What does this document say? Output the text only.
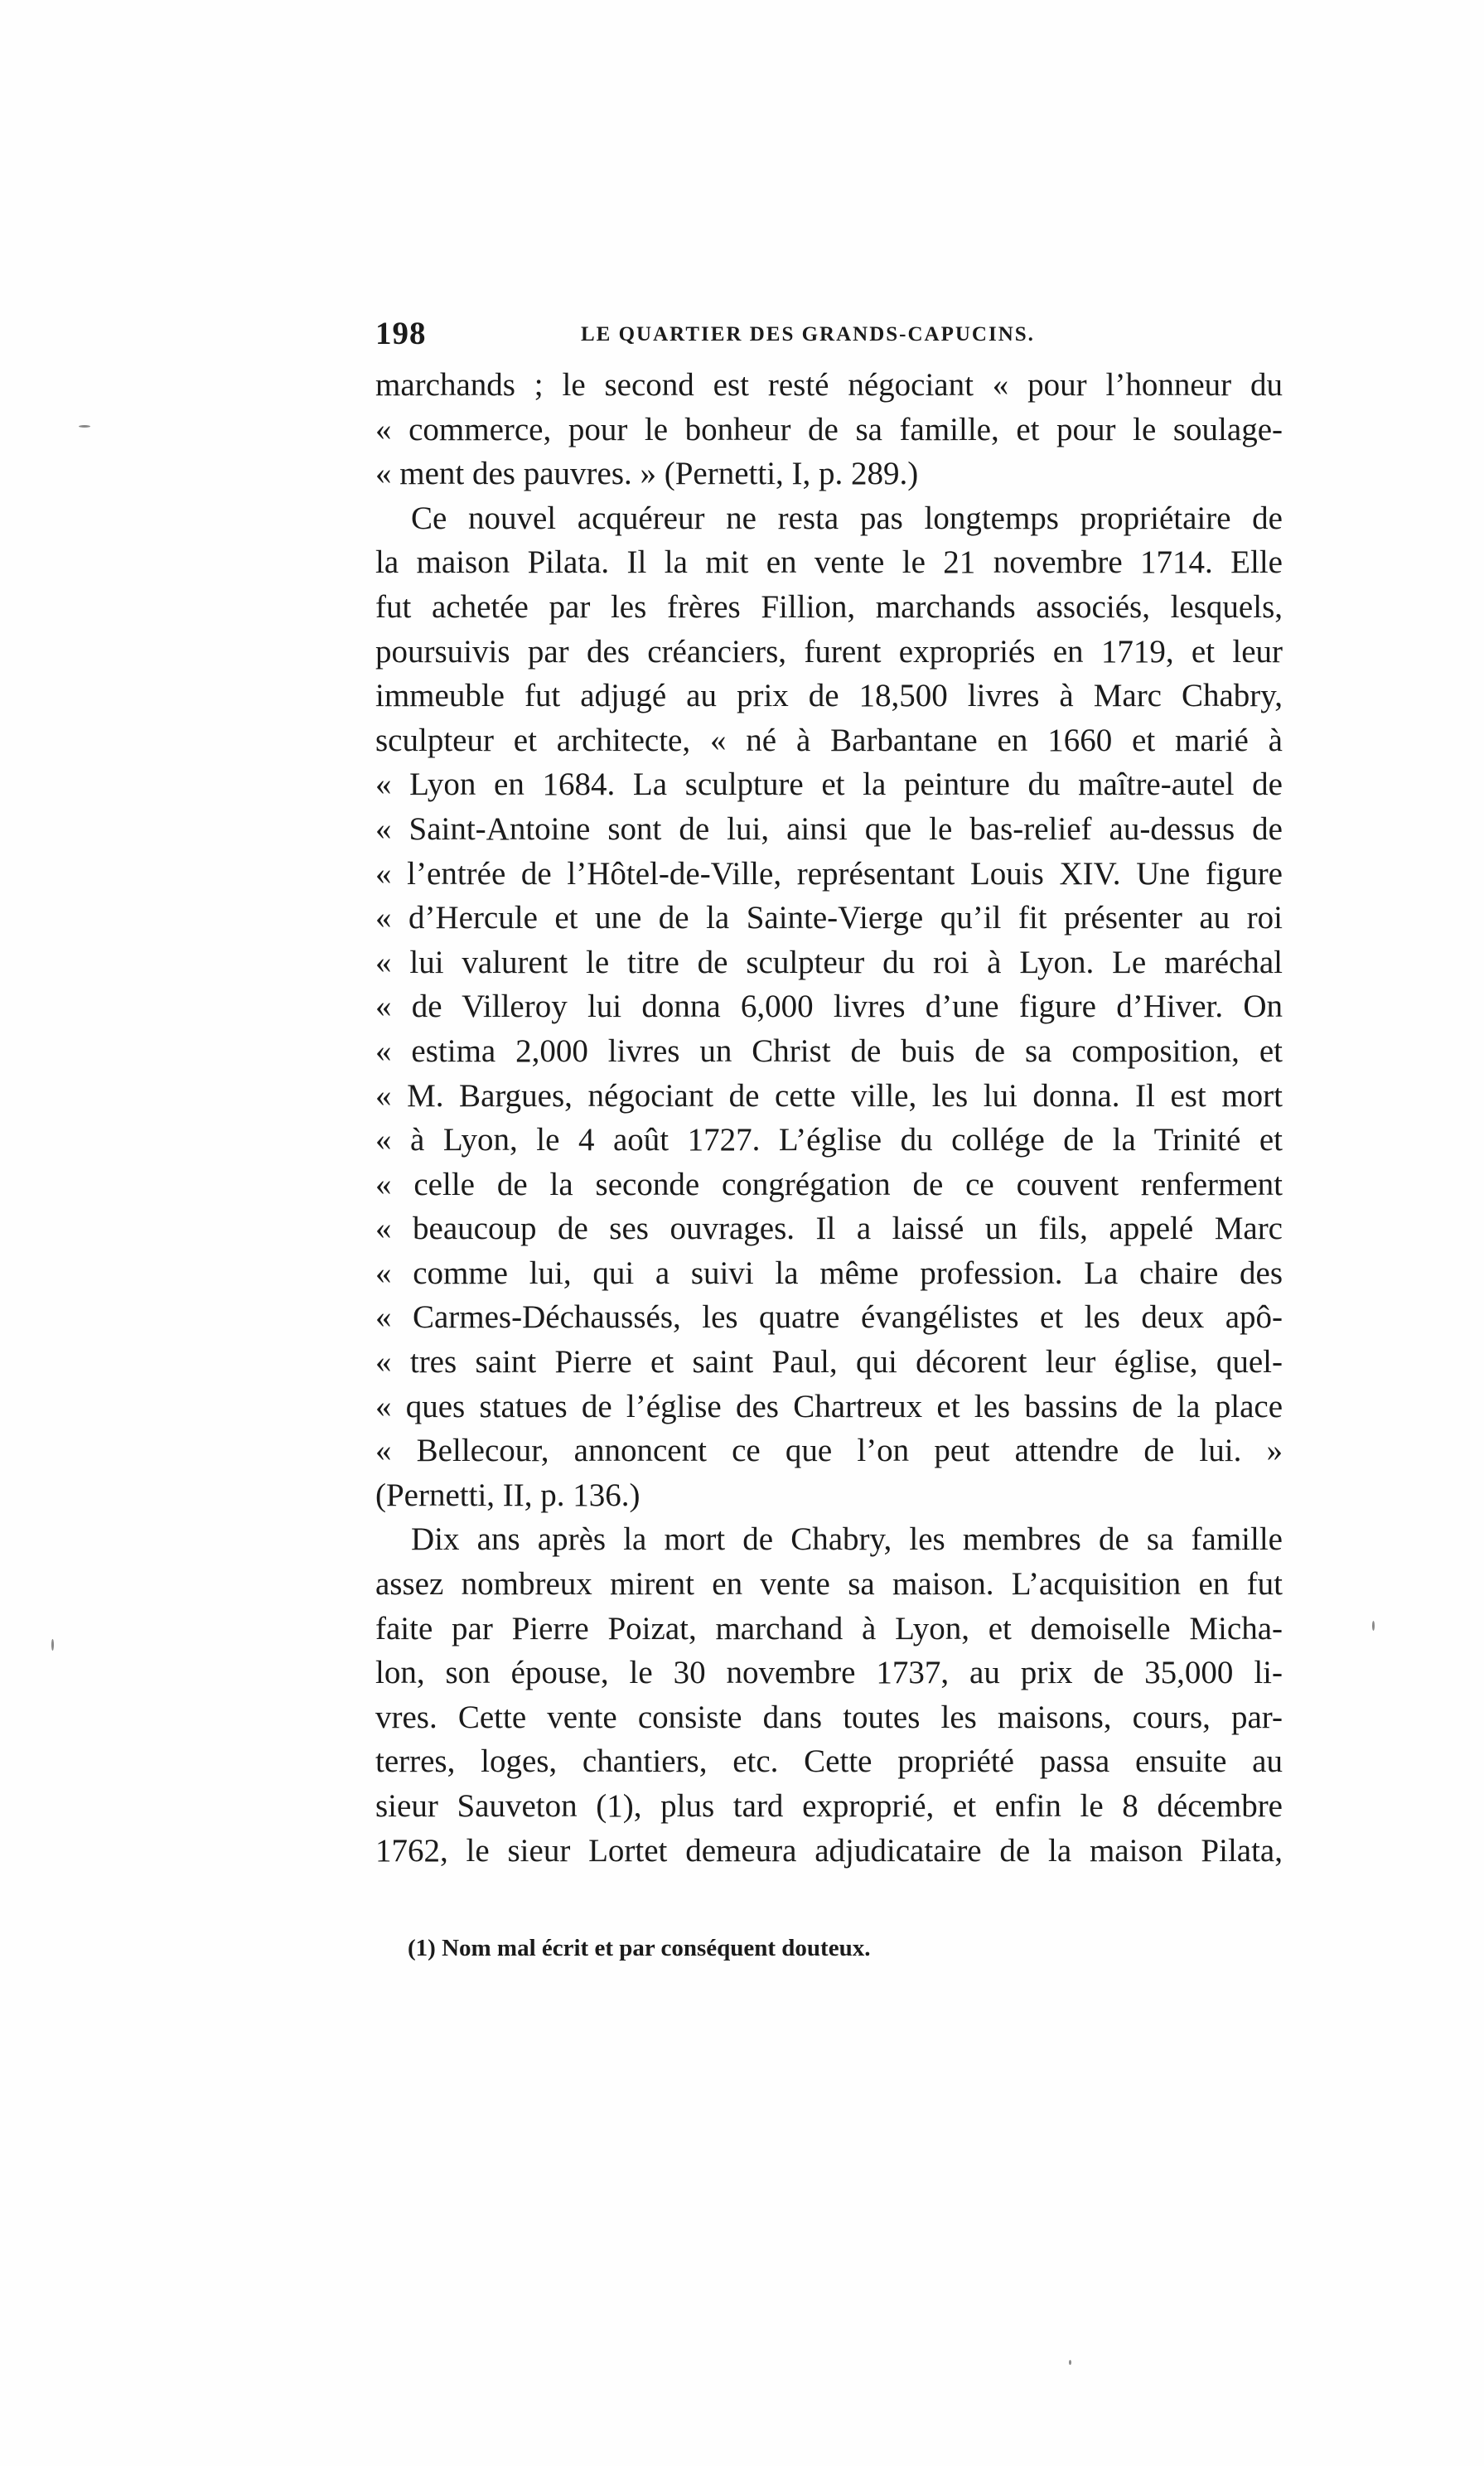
198	LE QUARTIER DES GRANDS-CAPUCINS.
marchands ; le second est resté négociant « pour l’honneur du
« commerce, pour le bonheur de sa famille, et pour le soulage-
« ment des pauvres. » (Pernetti, I, p. 289.)
Ce nouvel acquéreur ne resta pas longtemps propriétaire de
la maison Pilata. Il la mit en vente le 21 novembre 1714. Elle
fut achetée par les frères Fillion, marchands associés, lesquels,
poursuivis par des créanciers, furent expropriés en 1719, et leur
immeuble fut adjugé au prix de 18,500 livres à Marc Chabry,
sculpteur et architecte, « né à Barbantane en 1660 et marié à
« Lyon en 1684. La sculpture et la peinture du maître-autel de
« Saint-Antoine sont de lui, ainsi que le bas-relief au-dessus de
« l’entrée de l’Hôtel-de-Ville, représentant Louis XIV. Une figure
« d’Hercule et une de la Sainte-Vierge qu’il fit présenter au roi
« lui valurent le titre de sculpteur du roi à Lyon. Le maréchal
« de Villeroy lui donna 6,000 livres d’une figure d’Hiver. On
« estima 2,000 livres un Christ de buis de sa composition, et
« M. Bargues, négociant de cette ville, les lui donna. Il est mort
« à Lyon, le 4 août 1727. L’église du collége de la Trinité et
« celle de la seconde congrégation de ce couvent renferment
« beaucoup de ses ouvrages. Il a laissé un fils, appelé Marc
« comme lui, qui a suivi la même profession. La chaire des
« Carmes-Déchaussés, les quatre évangélistes et les deux apô-
« tres saint Pierre et saint Paul, qui décorent leur église, quel-
« ques statues de l’église des Chartreux et les bassins de la place
« Bellecour, annoncent ce que l’on peut attendre de lui. »
(Pernetti, II, p. 136.)
Dix ans après la mort de Chabry, les membres de sa famille
assez nombreux mirent en vente sa maison. L’acquisition en fut
faite par Pierre Poizat, marchand à Lyon, et demoiselle Micha-
lon, son épouse, le 30 novembre 1737, au prix de 35,000 li-
vres. Cette vente consiste dans toutes les maisons, cours, par-
terres, loges, chantiers, etc. Cette propriété passa ensuite au
sieur Sauveton (1), plus tard exproprié, et enfin le 8 décembre
1762, le sieur Lortet demeura adjudicataire de la maison Pilata,
(1) Nom mal écrit et par conséquent douteux.
